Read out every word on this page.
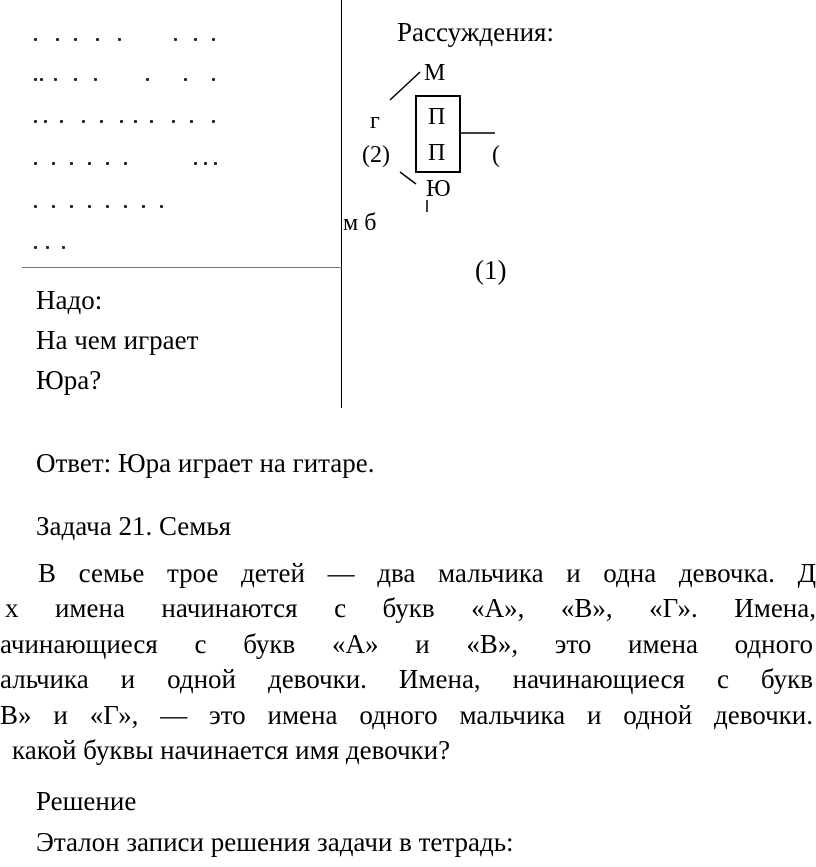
Рассуждения:
М
г
(2)
П
П (
Ю
м б
(1)
Надо:
На чем играет
Юра?
Ответ: Юра играет на гитаре.
Задача 21. Семья
В семье трое детей — два мальчика и одна девочка. Д
х имена начинаются с букв «А», «В», «Г». Имена,
ачинающиеся с букв «А» и «В», это имена одного
альчика и одной девочки. Имена, начинающиеся с букв
В» и «Г», — это имена одного мальчика и одной девочки.
какой буквы начинается имя девочки?
Решение
Эталон записи решения задачи в тетрадь:
